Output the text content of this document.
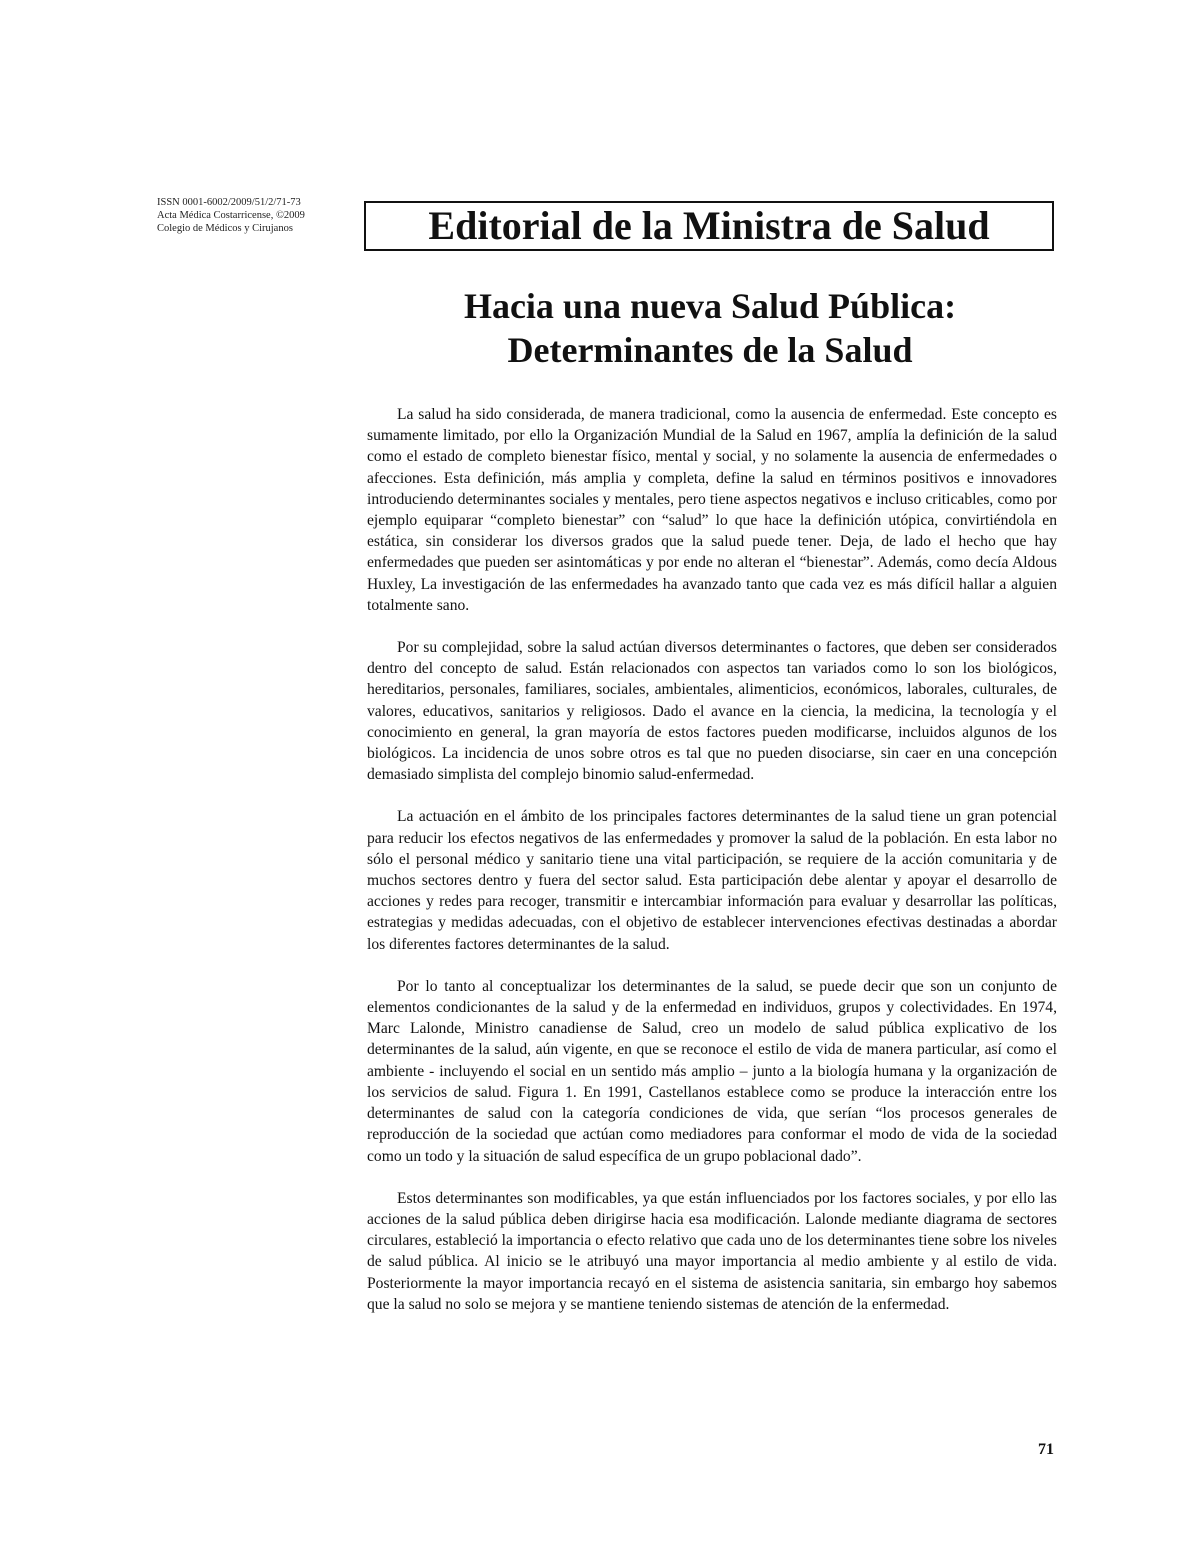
ISSN 0001-6002/2009/51/2/71-73
Acta Médica Costarricense, ©2009
Colegio de Médicos y Cirujanos	Editorial de la Ministra de Salud
Hacia una nueva Salud Pública:
Determinantes de la Salud

La salud ha sido considerada, de manera tradicional, como la ausencia de enfermedad. Este concepto es sumamente limitado, por ello la Organización Mundial de la Salud en 1967, amplía la definición de la salud como el estado de completo bienestar físico, mental y social, y no solamente la ausencia de enfermedades o afecciones. Esta definición, más amplia y completa, define la salud en términos positivos e innovadores introduciendo determinantes sociales y mentales, pero tiene aspectos negativos e incluso criticables, como por ejemplo equiparar “completo bienestar” con “salud” lo que hace la definición utópica, convirtiéndola en estática, sin considerar los diversos grados que la salud puede tener. Deja, de lado el hecho que hay enfermedades que pueden ser asintomáticas y por ende no alteran el “bienestar”. Además, como decía Aldous Huxley, La investigación de las enfermedades ha avanzado tanto que cada vez es más difícil hallar a alguien totalmente sano.

Por su complejidad, sobre la salud actúan diversos determinantes o factores, que deben ser considerados dentro del concepto de salud. Están relacionados con aspectos tan variados como lo son los biológicos, hereditarios, personales, familiares, sociales, ambientales, alimenticios, económicos, laborales, culturales, de valores, educativos, sanitarios y religiosos. Dado el avance en la ciencia, la medicina, la tecnología y el conocimiento en general, la gran mayoría de estos factores pueden modificarse, incluidos algunos de los biológicos. La incidencia de unos sobre otros es tal que no pueden disociarse, sin caer en una concepción demasiado simplista del complejo binomio salud-enfermedad.

La actuación en el ámbito de los principales factores determinantes de la salud tiene un gran potencial para reducir los efectos negativos de las enfermedades y promover la salud de la población. En esta labor no sólo el personal médico y sanitario tiene una vital participación, se requiere de la acción comunitaria y de muchos sectores dentro y fuera del sector salud. Esta participación debe alentar y apoyar el desarrollo de acciones y redes para recoger, transmitir e intercambiar información para evaluar y desarrollar las políticas, estrategias y medidas adecuadas, con el objetivo de establecer intervenciones efectivas destinadas a abordar los diferentes factores determinantes de la salud.

Por lo tanto al conceptualizar los determinantes de la salud, se puede decir que son un conjunto de elementos condicionantes de la salud y de la enfermedad en individuos, grupos y colectividades. En 1974, Marc Lalonde, Ministro canadiense de Salud, creo un modelo de salud pública explicativo de los determinantes de la salud, aún vigente, en que se reconoce el estilo de vida de manera particular, así como el ambiente - incluyendo el social en un sentido más amplio – junto a la biología humana y la organización de los servicios de salud. Figura 1. En 1991, Castellanos establece como se produce la interacción entre los determinantes de salud con la categoría condiciones de vida, que serían “los procesos generales de reproducción de la sociedad que actúan como mediadores para conformar el modo de vida de la sociedad como un todo y la situación de salud específica de un grupo poblacional dado”.

Estos determinantes son modificables, ya que están influenciados por los factores sociales, y por ello las acciones de la salud pública deben dirigirse hacia esa modificación. Lalonde mediante diagrama de sectores circulares, estableció la importancia o efecto relativo que cada uno de los determinantes tiene sobre los niveles de salud pública. Al inicio se le atribuyó una mayor importancia al medio ambiente y al estilo de vida. Posteriormente la mayor importancia recayó en el sistema de asistencia sanitaria, sin embargo hoy sabemos que la salud no solo se mejora y se mantiene teniendo sistemas de atención de la enfermedad.

71
